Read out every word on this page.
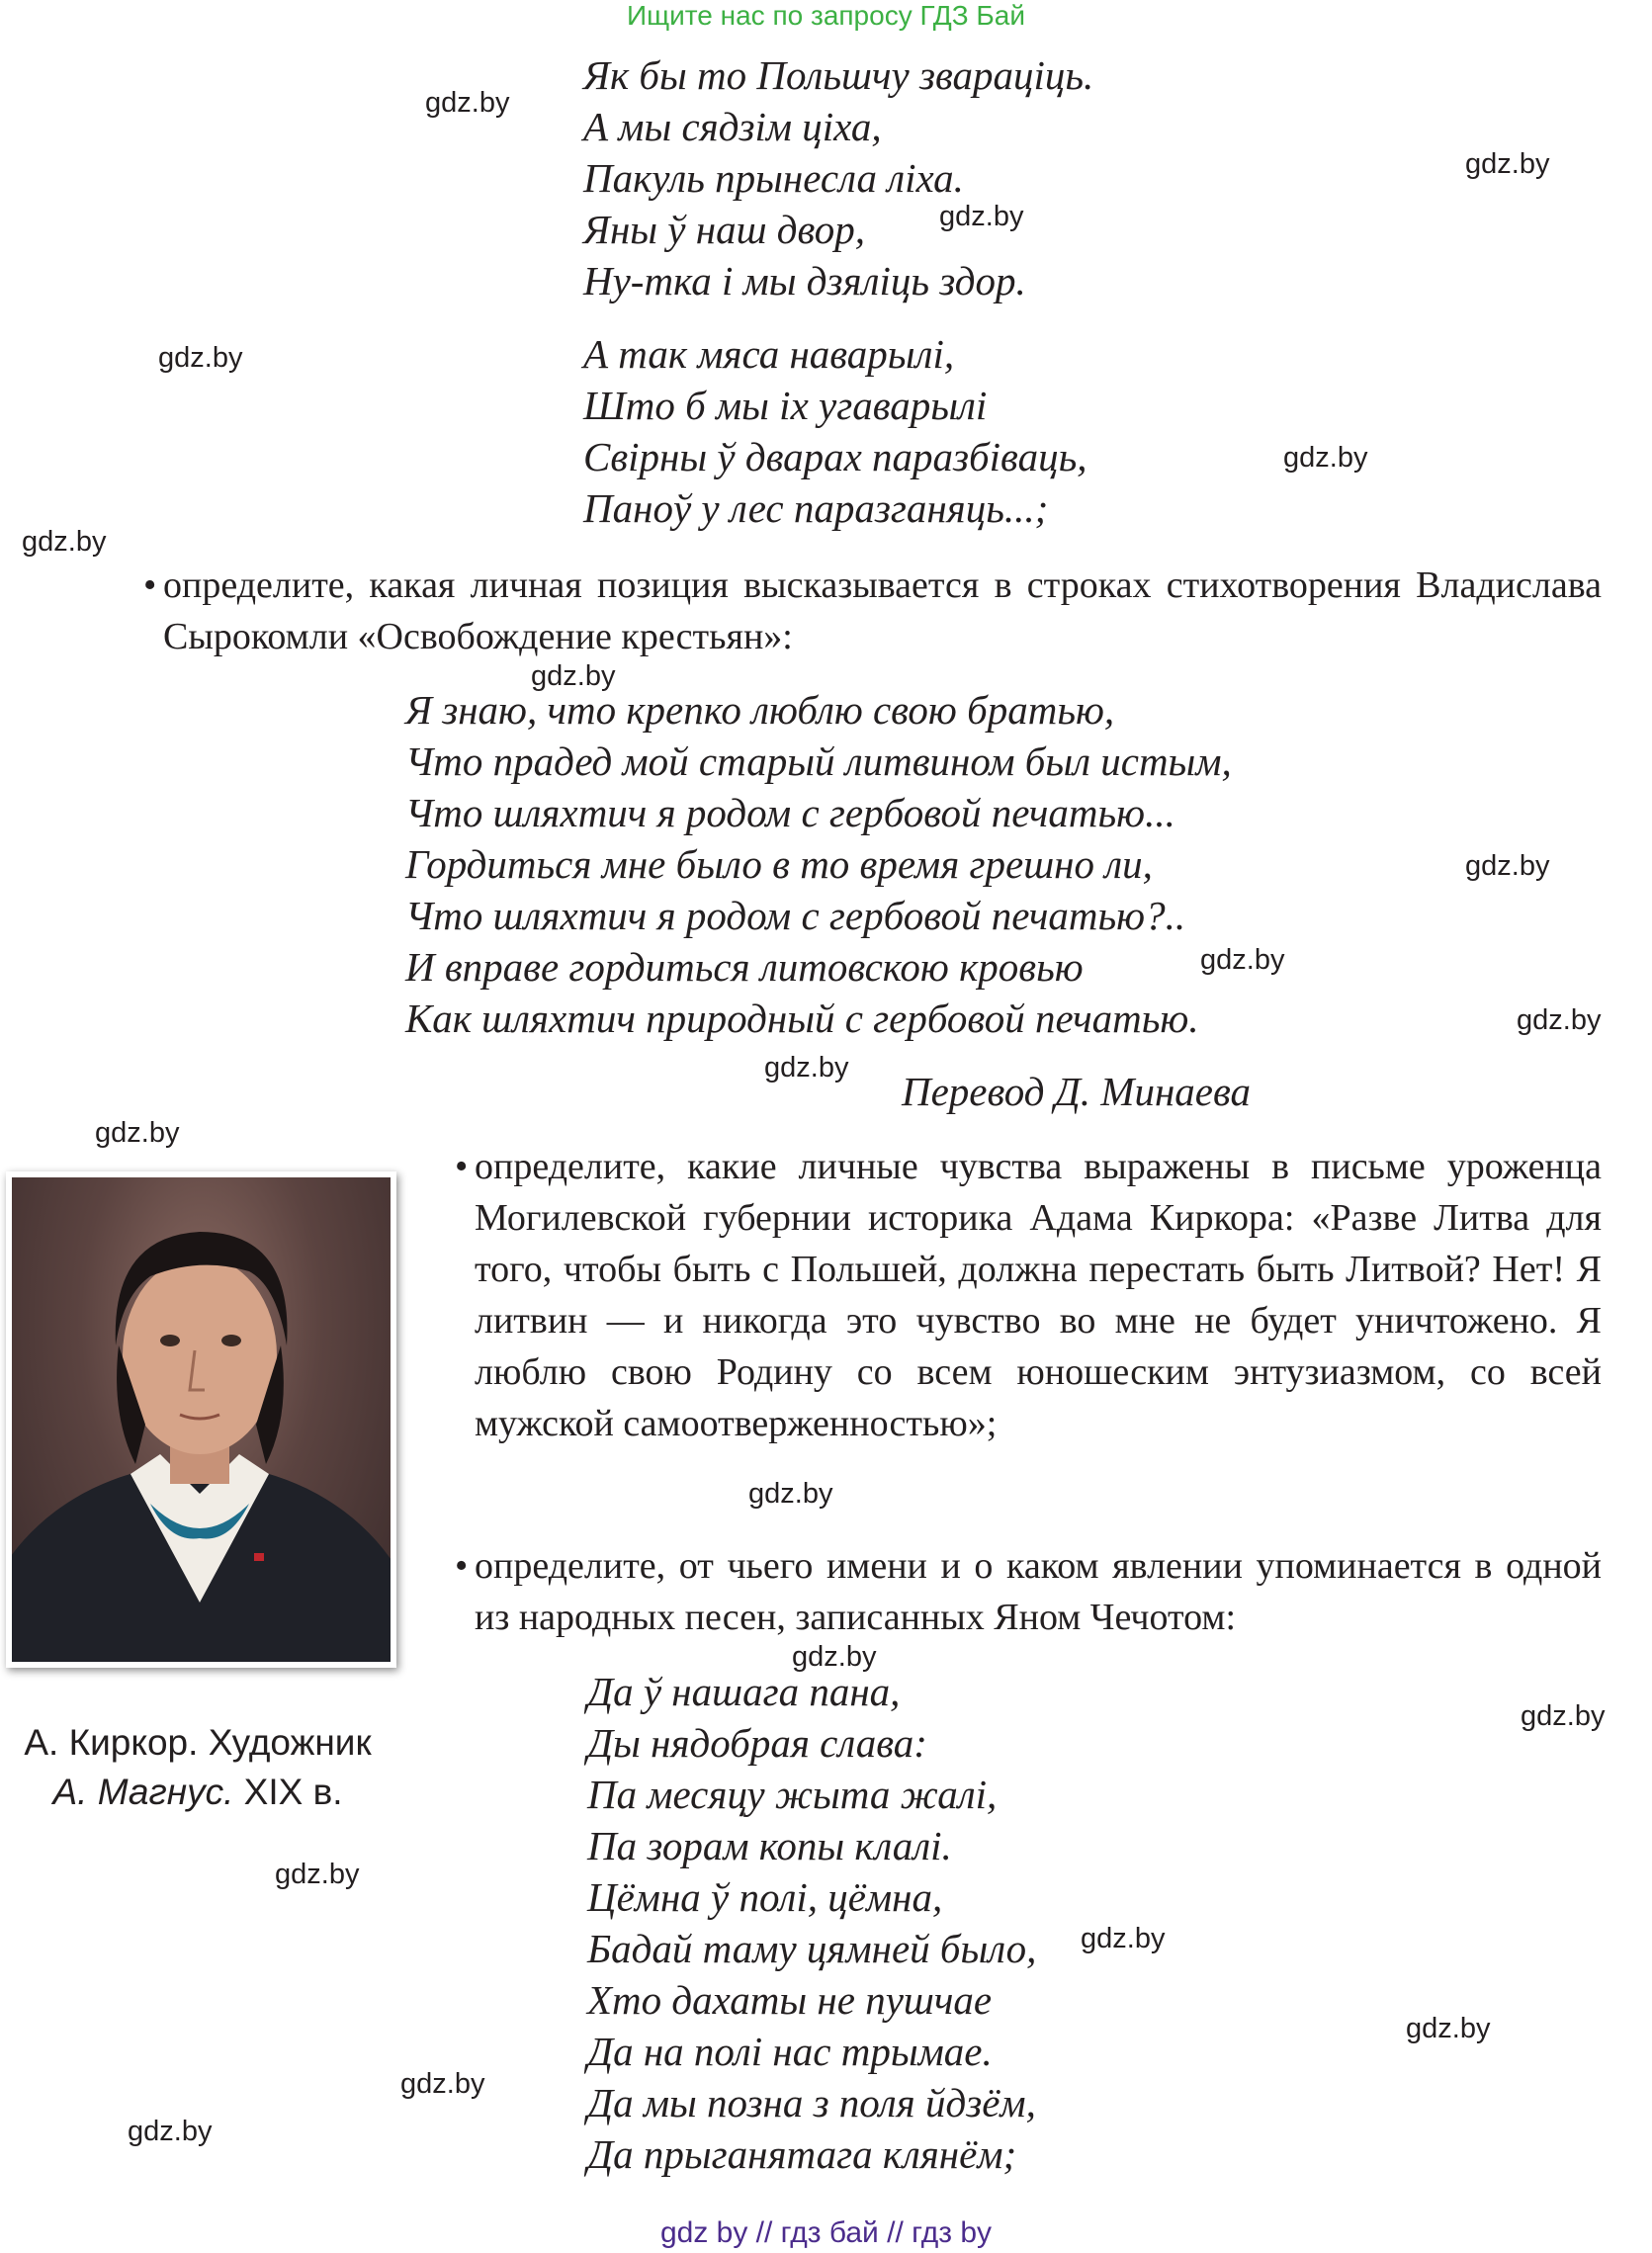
Ищите нас по запросу ГДЗ Бай
Як бы то Польшчу зварацiць.
А мы сядзiм цiха,
Пакуль прынесла лiха.
Яны ў наш двор,
Ну-тка i мы дзяліць здор.
А так мяса наварылi,
Што б мы iх угаварылi
Свiрны ў дварах паразбiваць,
Паноў у лес паразганяць...;
• определите, какая личная позиция высказывается в строках стихотворения Владислава Сырокомли «Освобождение крестьян»:
Я знаю, что крепко люблю свою братью,
Что прадед мой старый литвином был истым,
Что шляхтич я родом с гербовой печатью...
Гордиться мне было в то время грешно ли,
Что шляхтич я родом с гербовой печатью?..
И вправе гордиться литовскою кровью
Как шляхтич природный с гербовой печатью.
Перевод Д. Минаева
А. Киркор. Художник
А. Магнус. XIX в.
• определите, какие личные чувства выражены в письме уроженца Могилевской губернии историка Адама Киркора: «Разве Литва для того, чтобы быть с Польшей, должна перестать быть Литвой? Нет! Я литвин — и никогда это чувство во мне не будет уничтожено. Я люблю свою Родину со всем юношеским энтузиазмом, со всей мужской самоотверженностью»;
• определите, от чьего имени и о каком явлении упоминается в одной из народных песен, записанных Яном Чечотом:
Да ў нашага пана,
Ды нядобрая слава:
Па месяцу жыта жалi,
Па зорам копы клалi.
Цёмна ў полi, цёмна,
Бадай таму цямней было,
Хто дахаты не пушчае
Да на полi нас трымае.
Да мы позна з поля йдзём,
Да прыганятага клянём;
gdz.by
gdz.by
gdz.by
gdz.by
gdz.by
gdz.by
gdz.by
gdz.by
gdz.by
gdz.by
gdz.by
gdz.by
gdz.by
gdz.by
gdz.by
gdz.by
gdz.by
gdz.by
gdz.by
gdz.by
gdz by // гдз бай // гдз by
